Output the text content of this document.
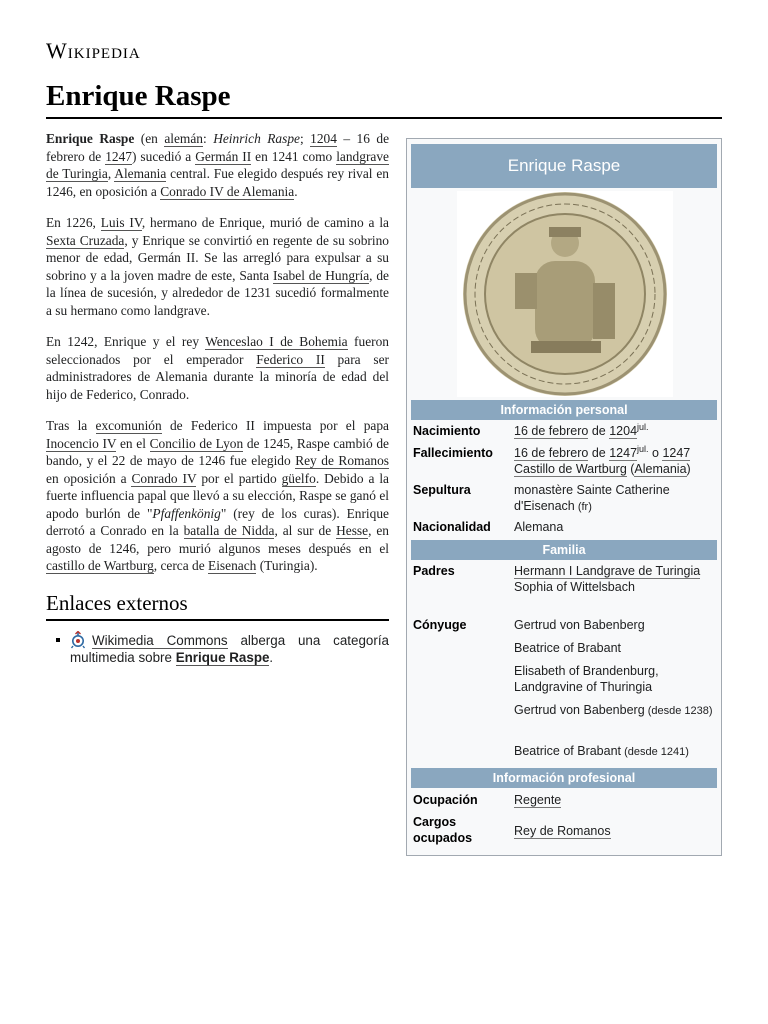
Wikipedia
Enrique Raspe

Enrique Raspe (en alemán: Heinrich Raspe; 1204 – 16 de febrero de 1247) sucedió a Germán II en 1241 como landgrave de Turingia, Alemania central. Fue elegido después rey rival en 1246, en oposición a Conrado IV de Alemania.

En 1226, Luis IV, hermano de Enrique, murió de camino a la Sexta Cruzada, y Enrique se convirtió en regente de su sobrino menor de edad, Germán II. Se las arregló para expulsar a su sobrino y a la joven madre de este, Santa Isabel de Hungría, de la línea de sucesión, y alrededor de 1231 sucedió formalmente a su hermano como landgrave.

En 1242, Enrique y el rey Wenceslao I de Bohemia fueron seleccionados por el emperador Federico II para ser administradores de Alemania durante la minoría de edad del hijo de Federico, Conrado.

Tras la excomunión de Federico II impuesta por el papa Inocencio IV en el Concilio de Lyon de 1245, Raspe cambió de bando, y el 22 de mayo de 1246 fue elegido Rey de Romanos en oposición a Conrado IV por el partido güelfo. Debido a la fuerte influencia papal que llevó a su elección, Raspe se ganó el apodo burlón de "Pfaffenkönig" (rey de los curas). Enrique derrotó a Conrado en la batalla de Nidda, al sur de Hesse, en agosto de 1246, pero murió algunos meses después en el castillo de Wartburg, cerca de Eisenach (Turingia).

Enlaces externos
Wikimedia Commons alberga una categoría multimedia sobre Enrique Raspe.
Enrique Raspe
Información personal
Nacimiento	16 de febrero de $1204^{jul.}$
Fallecimiento	16 de febrero de $1247^{jul.}$ o 1247
Castillo de Wartburg (Alemania)
Sepultura	monastère Sainte Catherine d'Eisenach (fr)
Nacionalidad	Alemana
Familia
Padres	Hermann I Landgrave de Turingia
Sophia of Wittelsbach
Cónyuge	Gertrud von Babenberg
Beatrice of Brabant
Elisabeth of Brandenburg, Landgravine of Thuringia
Gertrud von Babenberg (desde 1238)
Beatrice of Brabant (desde 1241)
Información profesional
Ocupación	Regente
Cargos ocupados	Rey de Romanos
